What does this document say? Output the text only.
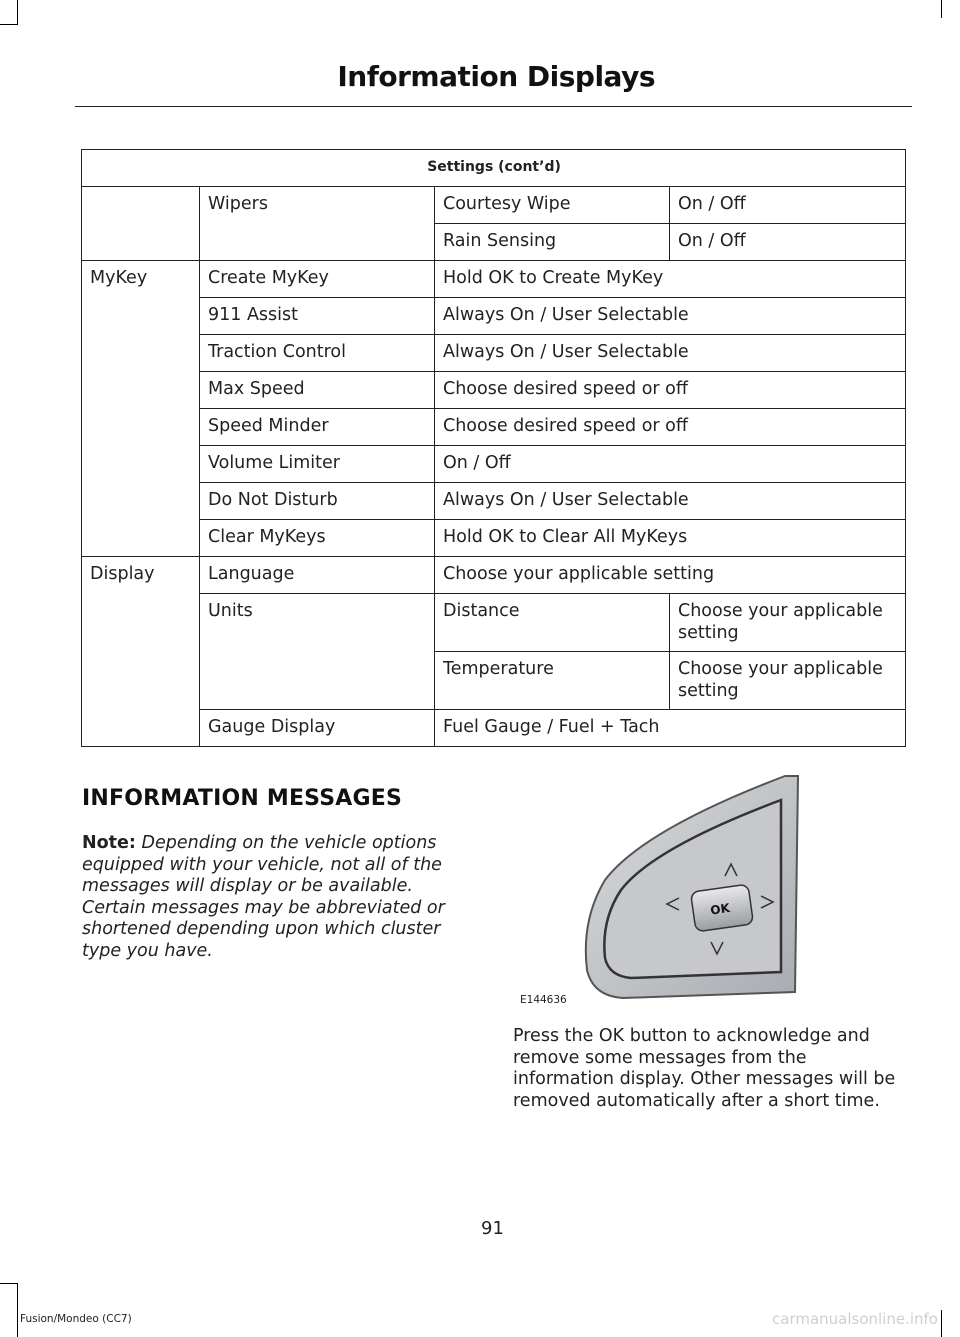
Information Displays
Settings (cont’d)			
	Wipers	Courtesy Wipe	On / Off
		Rain Sensing	On / Off
MyKey	Create MyKey	Hold OK to Create MyKey	
	911 Assist	Always On / User Selectable	
	Traction Control	Always On / User Selectable	
	Max Speed	Choose desired speed or off	
	Speed Minder	Choose desired speed or off	
	Volume Limiter	On / Off	
	Do Not Disturb	Always On / User Selectable	
	Clear MyKeys	Hold OK to Clear All MyKeys	
Display	Language	Choose your applicable setting	
	Units	Distance	Choose your applicable setting
		Temperature	Choose your applicable setting
	Gauge Display	Fuel Gauge / Fuel + Tach	
INFORMATION MESSAGES
Note: Depending on the vehicle options equipped with your vehicle, not all of the messages will display or be available. Certain messages may be abbreviated or shortened depending upon which cluster type you have.
OK
E144636
Press the OK button to acknowledge and remove some messages from the information display. Other messages will be removed automatically after a short time.
91
Fusion/Mondeo (CC7)	carmanualsonline.info
